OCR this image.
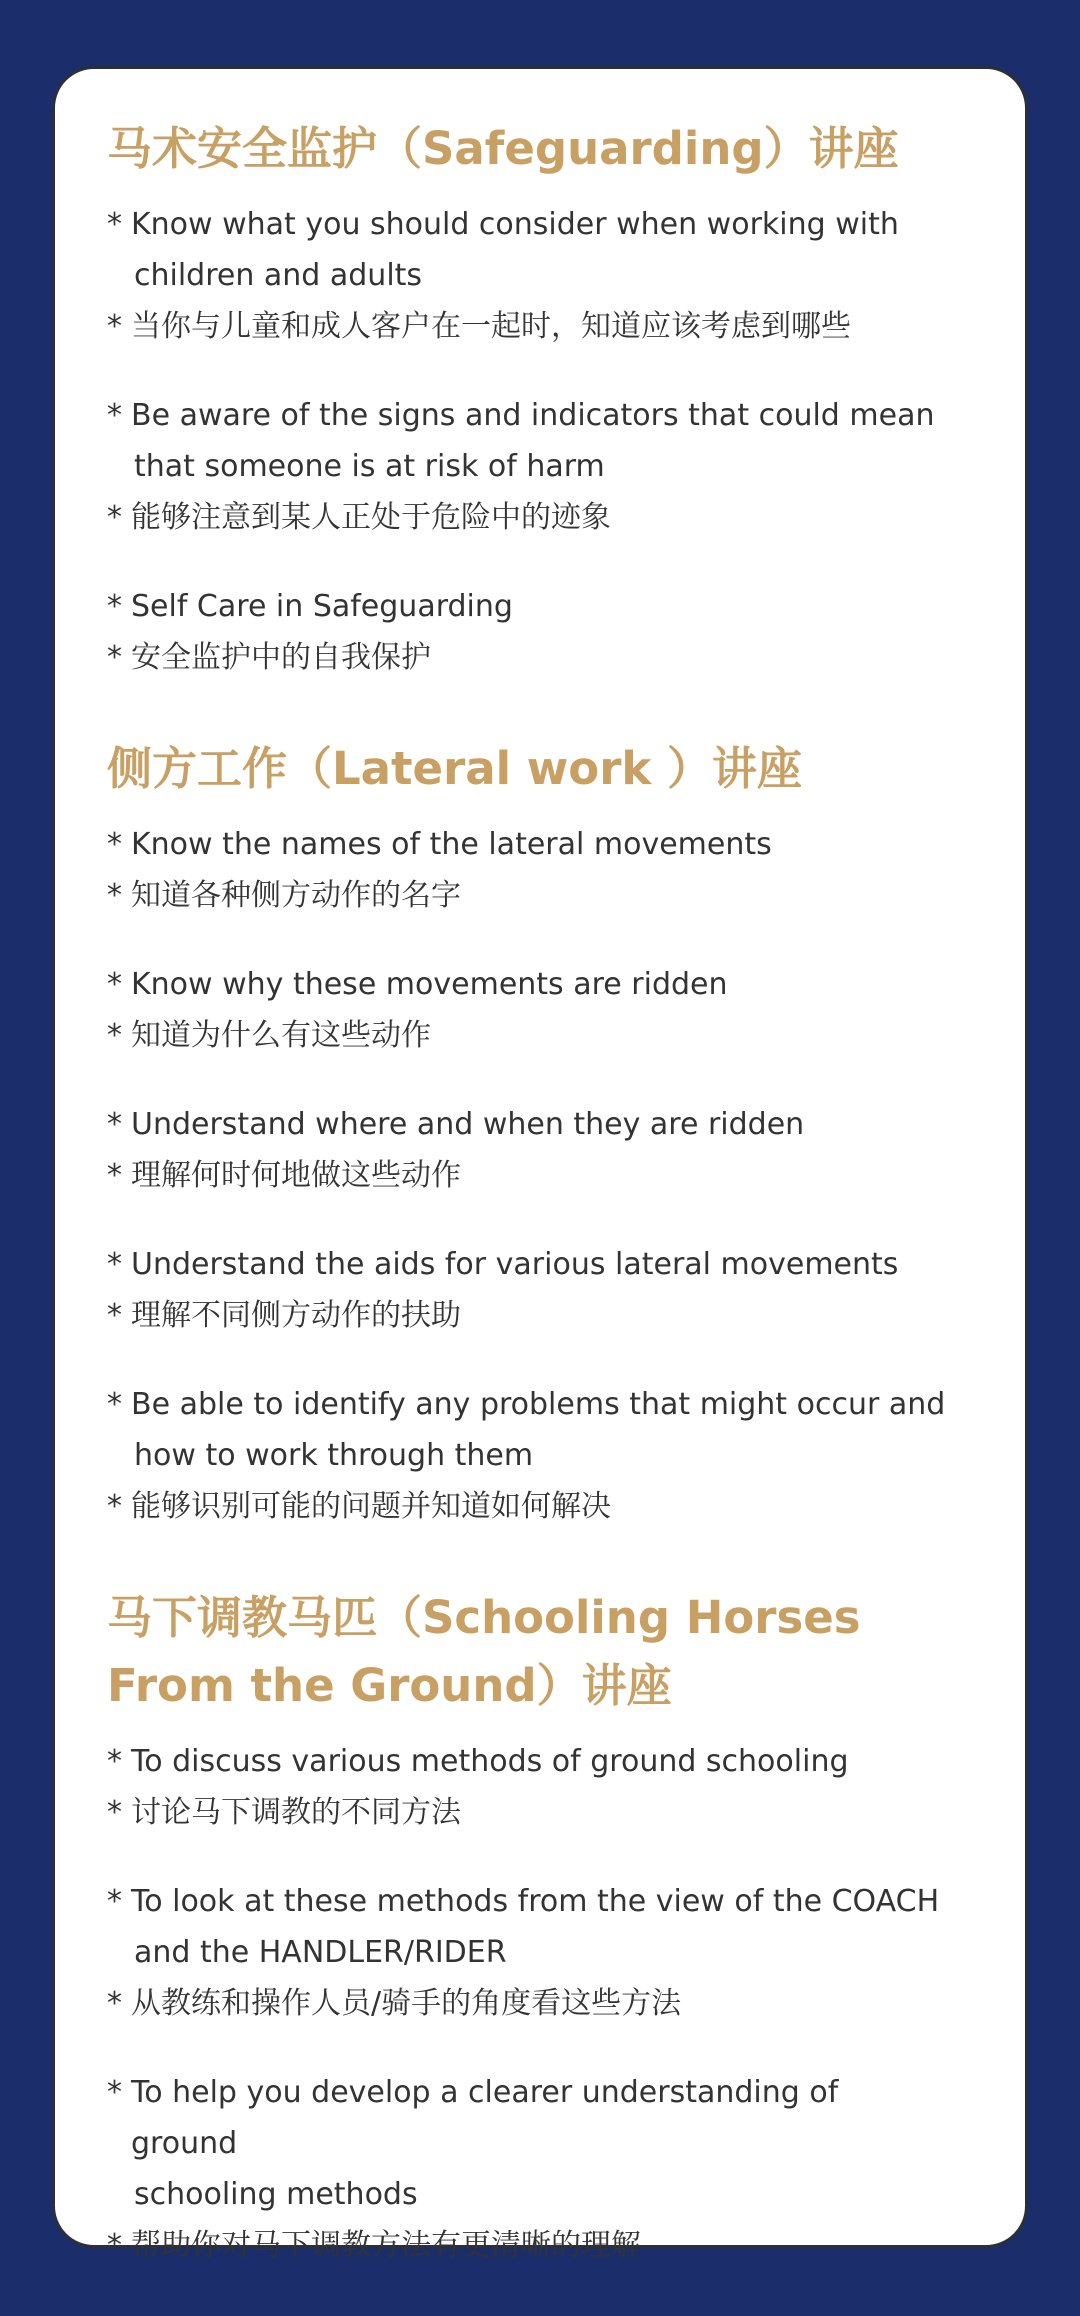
马术安全监护（Safeguarding）讲座
* Know what you should consider when working with
children and adults
* 当你与儿童和成人客户在一起时，知道应该考虑到哪些
* Be aware of the signs and indicators that could mean
that someone is at risk of harm
* 能够注意到某人正处于危险中的迹象
* Self Care in Safeguarding
* 安全监护中的自我保护
侧方工作（Lateral work ）讲座
* Know the names of the lateral movements
* 知道各种侧方动作的名字
* Know why these movements are ridden
* 知道为什么有这些动作
* Understand where and when they are ridden
* 理解何时何地做这些动作
* Understand the aids for various lateral movements
* 理解不同侧方动作的扶助
* Be able to identify any problems that might occur and
how to work through them
* 能够识别可能的问题并知道如何解决
马下调教马匹（Schooling Horses From the Ground）讲座
* To discuss various methods of ground schooling
* 讨论马下调教的不同方法
* To look at these methods from the view of the COACH
and the HANDLER/RIDER
* 从教练和操作人员/骑手的角度看这些方法
* To help you develop a clearer understanding of ground
schooling methods
* 帮助你对马下调教方法有更清晰的理解
